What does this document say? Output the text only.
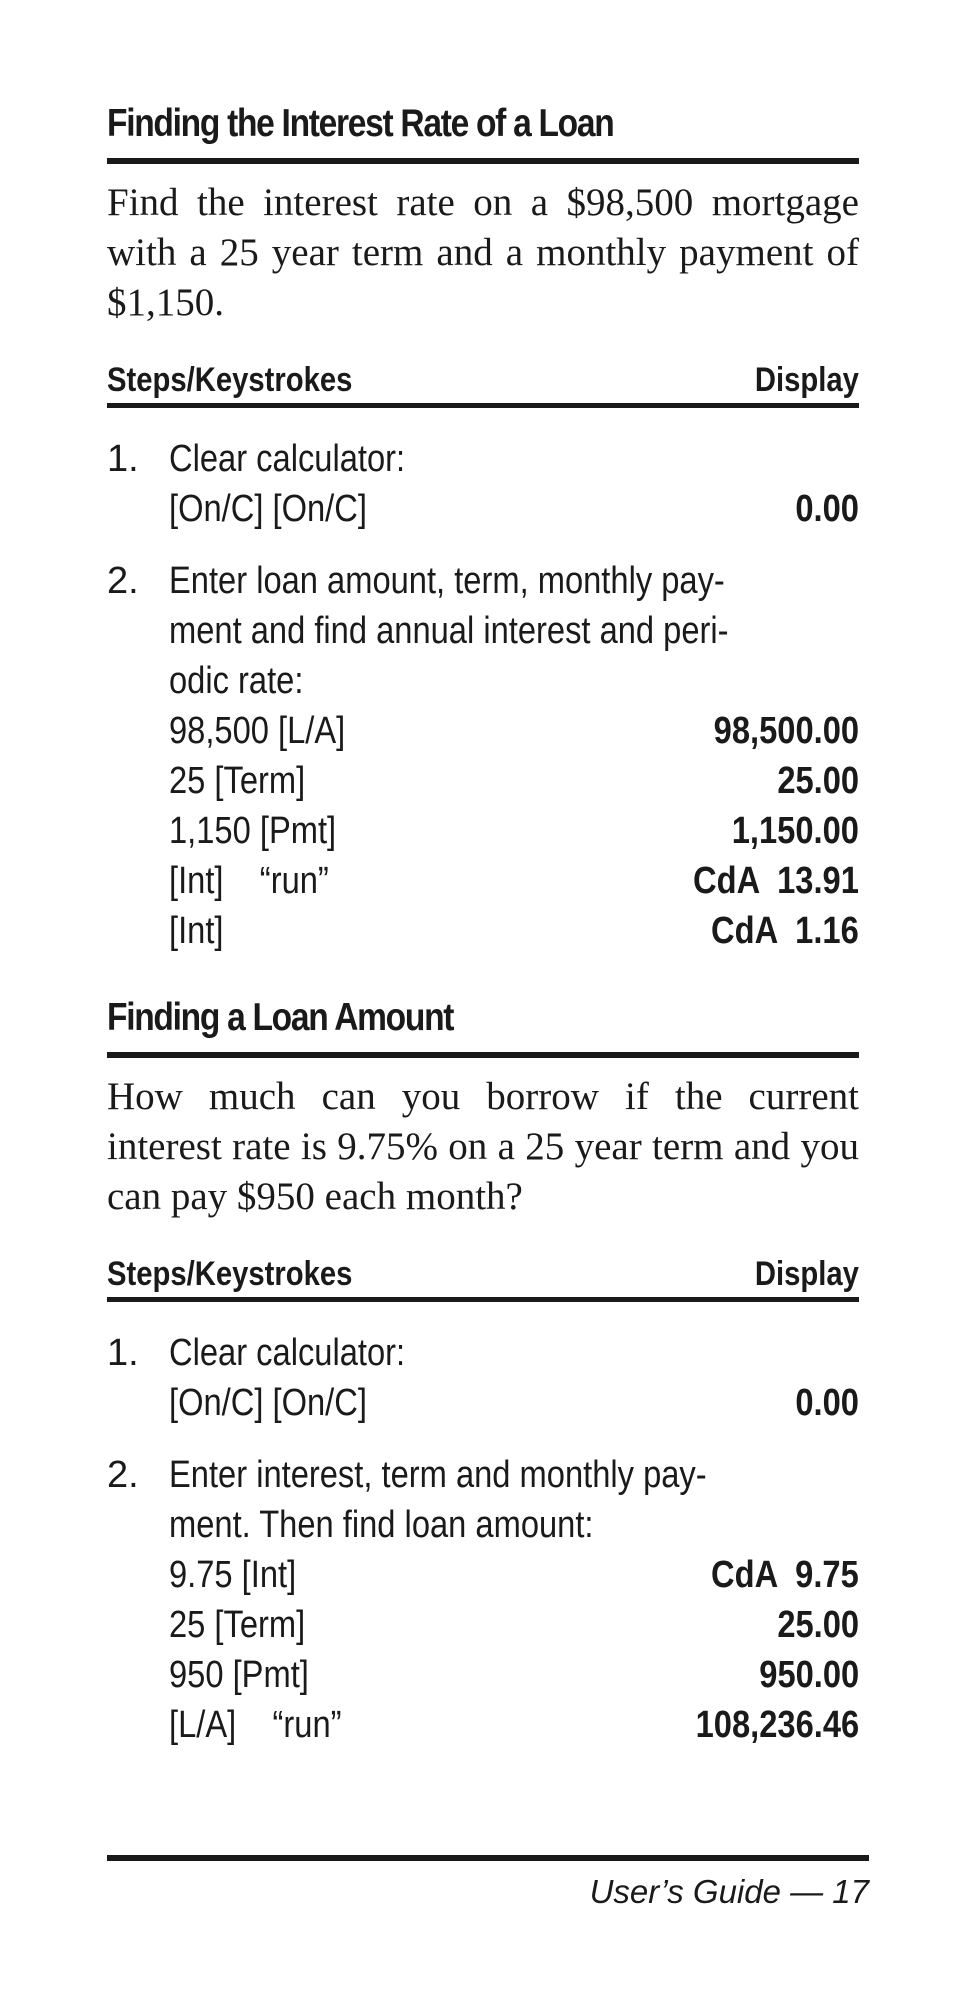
Finding the Interest Rate of a Loan

Find the interest rate on a $98,500 mortgage with a 25 year term and a monthly payment of $1,150.

Steps/Keystrokes	Display
1. Clear calculator:
[On/C] [On/C]	0.00
2. Enter loan amount, term, monthly pay-
ment and find annual interest and peri-
odic rate:
98,500 [L/A]	98,500.00
25 [Term]	25.00
1,150 [Pmt]	1,150.00
[Int]    “run”	CdA  13.91
[Int]	CdA  1.16
Finding a Loan Amount

How much can you borrow if the current interest rate is 9.75% on a 25 year term and you can pay $950 each month?

Steps/Keystrokes	Display
1. Clear calculator:
[On/C] [On/C]	0.00
2. Enter interest, term and monthly pay-
ment. Then find loan amount:
9.75 [Int]	CdA  9.75
25 [Term]	25.00
950 [Pmt]	950.00
[L/A]    “run”	108,236.46
User’s Guide — 17
